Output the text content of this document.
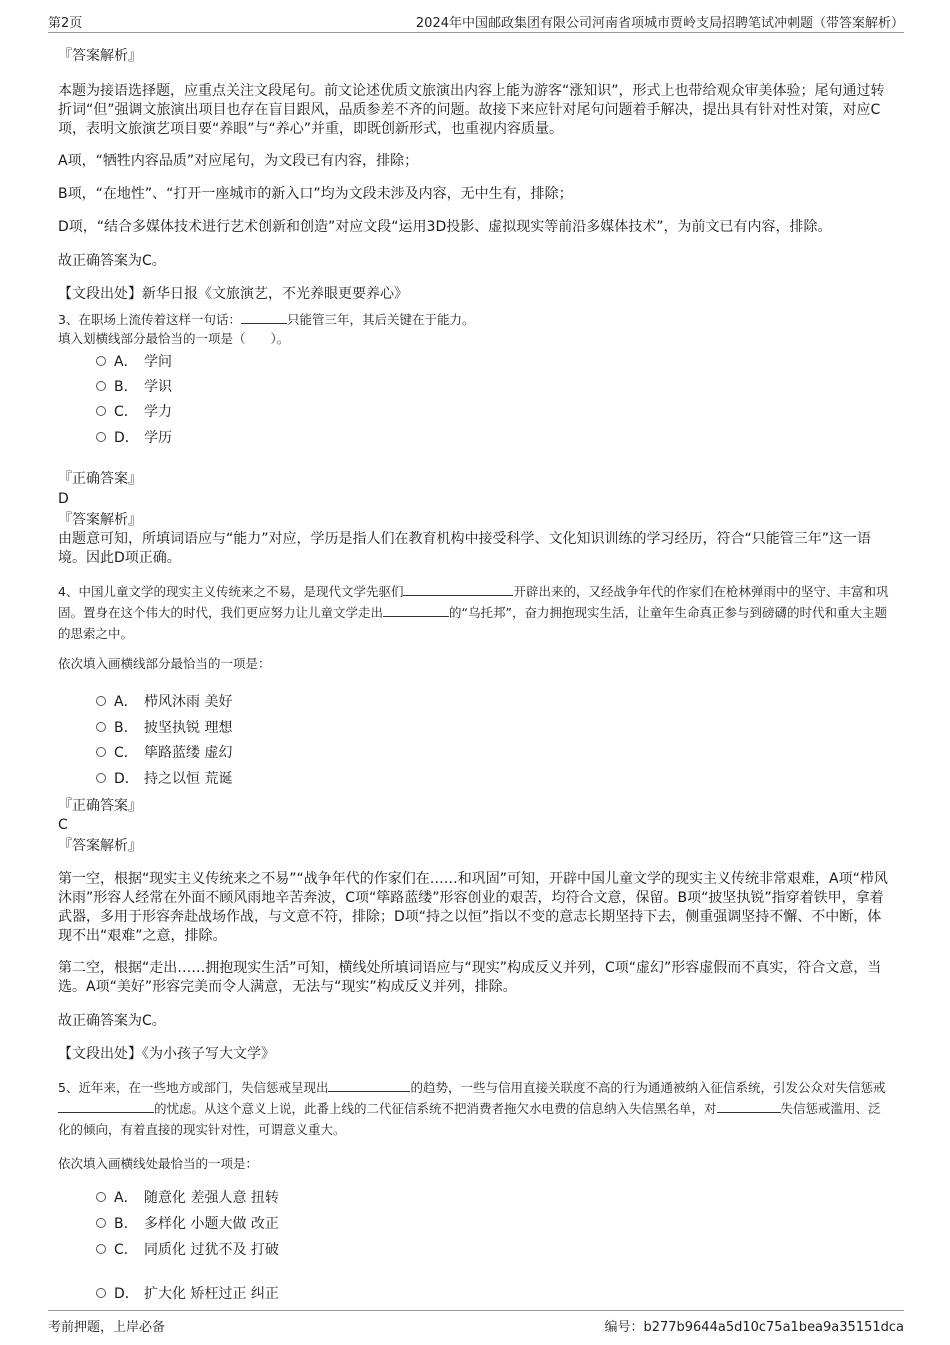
第2页	2024年中国邮政集团有限公司河南省项城市贾岭支局招聘笔试冲刺题（带答案解析）
『答案解析』
本题为接语选择题，应重点关注文段尾句。前文论述优质文旅演出内容上能为游客“涨知识”，形式上也带给观众审美体验；尾句通过转折词“但”强调文旅演出项目也存在盲目跟风，品质参差不齐的问题。故接下来应针对尾句问题着手解决，提出具有针对性对策，对应C项，表明文旅演艺项目要“养眼”与“养心”并重，即既创新形式，也重视内容质量。
A项，“牺牲内容品质”对应尾句，为文段已有内容，排除；
B项，“在地性”、“打开一座城市的新入口”均为文段未涉及内容，无中生有，排除；
D项，“结合多媒体技术进行艺术创新和创造”对应文段“运用3D投影、虚拟现实等前沿多媒体技术”，为前文已有内容，排除。
故正确答案为C。
【文段出处】新华日报《文旅演艺，不光养眼更要养心》
3、在职场上流传着这样一句话：	只能管三年，其后关键在于能力。
填入划横线部分最恰当的一项是（　　）。
A． 学问
B． 学识
C． 学力
D． 学历
『正确答案』
D
『答案解析』
由题意可知，所填词语应与“能力”对应，学历是指人们在教育机构中接受科学、文化知识训练的学习经历，符合“只能管三年”这一语境。因此D项正确。
4、中国儿童文学的现实主义传统来之不易，是现代文学先驱们	开辟出来的，又经战争年代的作家们在枪林弹雨中的坚守、丰富和巩固。置身在这个伟大的时代，我们更应努力让儿童文学走出	的“乌托邦”，奋力拥抱现实生活，让童年生命真正参与到磅礴的时代和重大主题的思索之中。
依次填入画横线部分最恰当的一项是：
A． 栉风沐雨 美好
B． 披坚执锐 理想
C． 筚路蓝缕 虚幻
D． 持之以恒 荒诞
『正确答案』
C
『答案解析』
第一空，根据“现实主义传统来之不易”“战争年代的作家们在……和巩固”可知，开辟中国儿童文学的现实主义传统非常艰难，A项“栉风沐雨”形容人经常在外面不顾风雨地辛苦奔波，C项“筚路蓝缕”形容创业的艰苦，均符合文意，保留。B项“披坚执锐”指穿着铁甲，拿着武器，多用于形容奔赴战场作战，与文意不符，排除；D项“持之以恒”指以不变的意志长期坚持下去，侧重强调坚持不懈、不中断，体现不出“艰难”之意，排除。
第二空，根据“走出……拥抱现实生活”可知，横线处所填词语应与“现实”构成反义并列，C项“虚幻”形容虚假而不真实，符合文意，当选。A项“美好”形容完美而令人满意，无法与“现实”构成反义并列，排除。
故正确答案为C。
【文段出处】《为小孩子写大文学》
5、近年来，在一些地方或部门，失信惩戒呈现出	的趋势，一些与信用直接关联度不高的行为通通被纳入征信系统，引发公众对失信惩戒的忧虑。从这个意义上说，此番上线的二代征信系统不把消费者拖欠水电费的信息纳入失信黑名单，对	失信惩戒滥用、泛化的倾向，有着直接的现实针对性，可谓意义重大。
依次填入画横线处最恰当的一项是：
A． 随意化 差强人意 扭转
B． 多样化 小题大做 改正
C． 同质化 过犹不及 打破
D． 扩大化 矫枉过正 纠正
考前押题，上岸必备	编号：b277b9644a5d10c75a1bea9a35151dca
